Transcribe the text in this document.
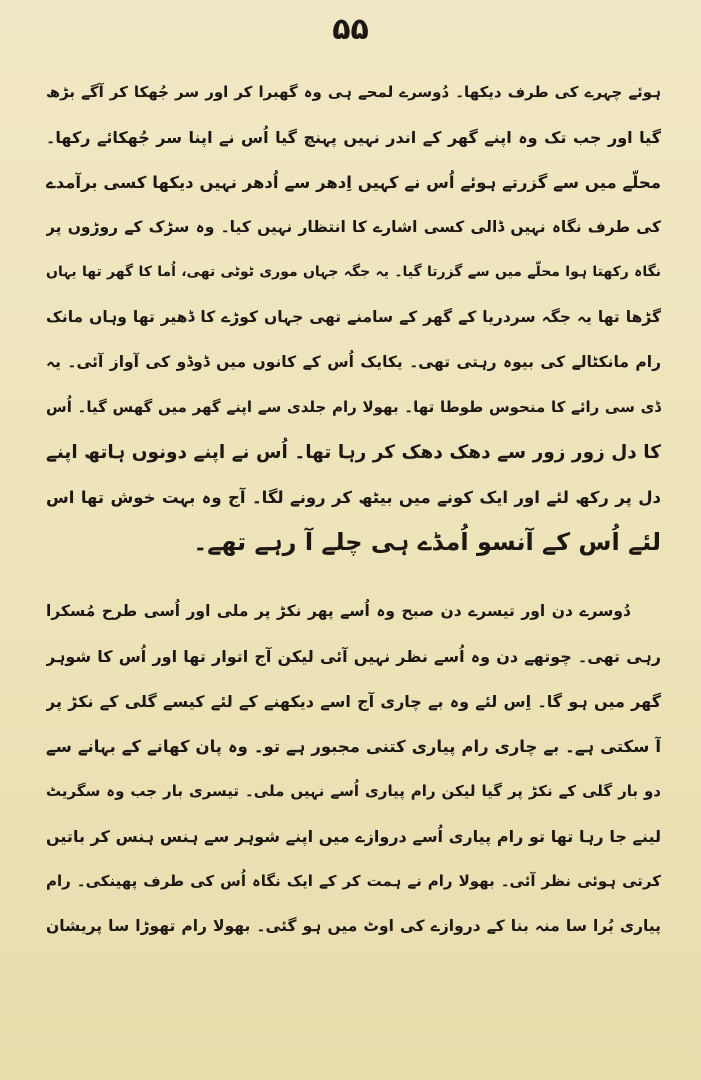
۵۵
ہوئے چہرے کی طرف دیکھا۔ دُوسرے لمحے ہی وہ گھبرا کر اور سر جُھکا کر آگے بڑھ
گیا اور جب تک وہ اپنے گھر کے اندر نہیں پہنچ گیا اُس نے اپنا سر جُھکائے رکھا۔
محلّے میں سے گزرتے ہوئے اُس نے کہیں اِدھر سے اُدھر نہیں دیکھا کسی برآمدے
کی طرف نگاہ نہیں ڈالی کسی اشارے کا انتظار نہیں کیا۔ وہ سڑک کے روڑوں پر
نگاہ رکھتا ہوا محلّے میں سے گزرتا گیا۔ یہ جگہ جہاں موری ٹوٹی تھی، اُما کا گھر تھا یہاں
گڑھا تھا یہ جگہ سردریا کے گھر کے سامنے تھی جہاں کوڑے کا ڈھیر تھا وہاں مانک
رام مانکٹالے کی بیوہ رہتی تھی۔ یکایک اُس کے کانوں میں ڈوڈو کی آواز آئی۔ یہ
ڈی سی رائے کا منحوس طوطا تھا۔ بھولا رام جلدی سے اپنے گھر میں گھس گیا۔ اُس
کا دل زور زور سے دھک دھک کر رہا تھا۔ اُس نے اپنے دونوں ہاتھ اپنے
دل پر رکھ لئے اور ایک کونے میں بیٹھ کر رونے لگا۔ آج وہ بہت خوش تھا اس
لئے اُس کے آنسو اُمڈے ہی چلے آ رہے تھے۔
دُوسرے دن اور تیسرے دن صبح وہ اُسے پھر نکڑ پر ملی اور اُسی طرح مُسکرا
رہی تھی۔ چوتھے دن وہ اُسے نظر نہیں آئی لیکن آج اتوار تھا اور اُس کا شوہر
گھر میں ہو گا۔ اِس لئے وہ بے چاری آج اسے دیکھنے کے لئے کیسے گلی کے نکڑ پر
آ سکتی ہے۔ بے چاری رام پیاری کتنی مجبور ہے تو۔ وہ پان کھانے کے بہانے سے
دو بار گلی کے نکڑ پر گیا لیکن رام پیاری اُسے نہیں ملی۔ تیسری بار جب وہ سگریٹ
لینے جا رہا تھا تو رام پیاری اُسے دروازے میں اپنے شوہر سے ہنس ہنس کر باتیں
کرتی ہوئی نظر آئی۔ بھولا رام نے ہمت کر کے ایک نگاہ اُس کی طرف پھینکی۔ رام
پیاری بُرا سا منہ بنا کے دروازے کی اوٹ میں ہو گئی۔ بھولا رام تھوڑا سا پریشان
